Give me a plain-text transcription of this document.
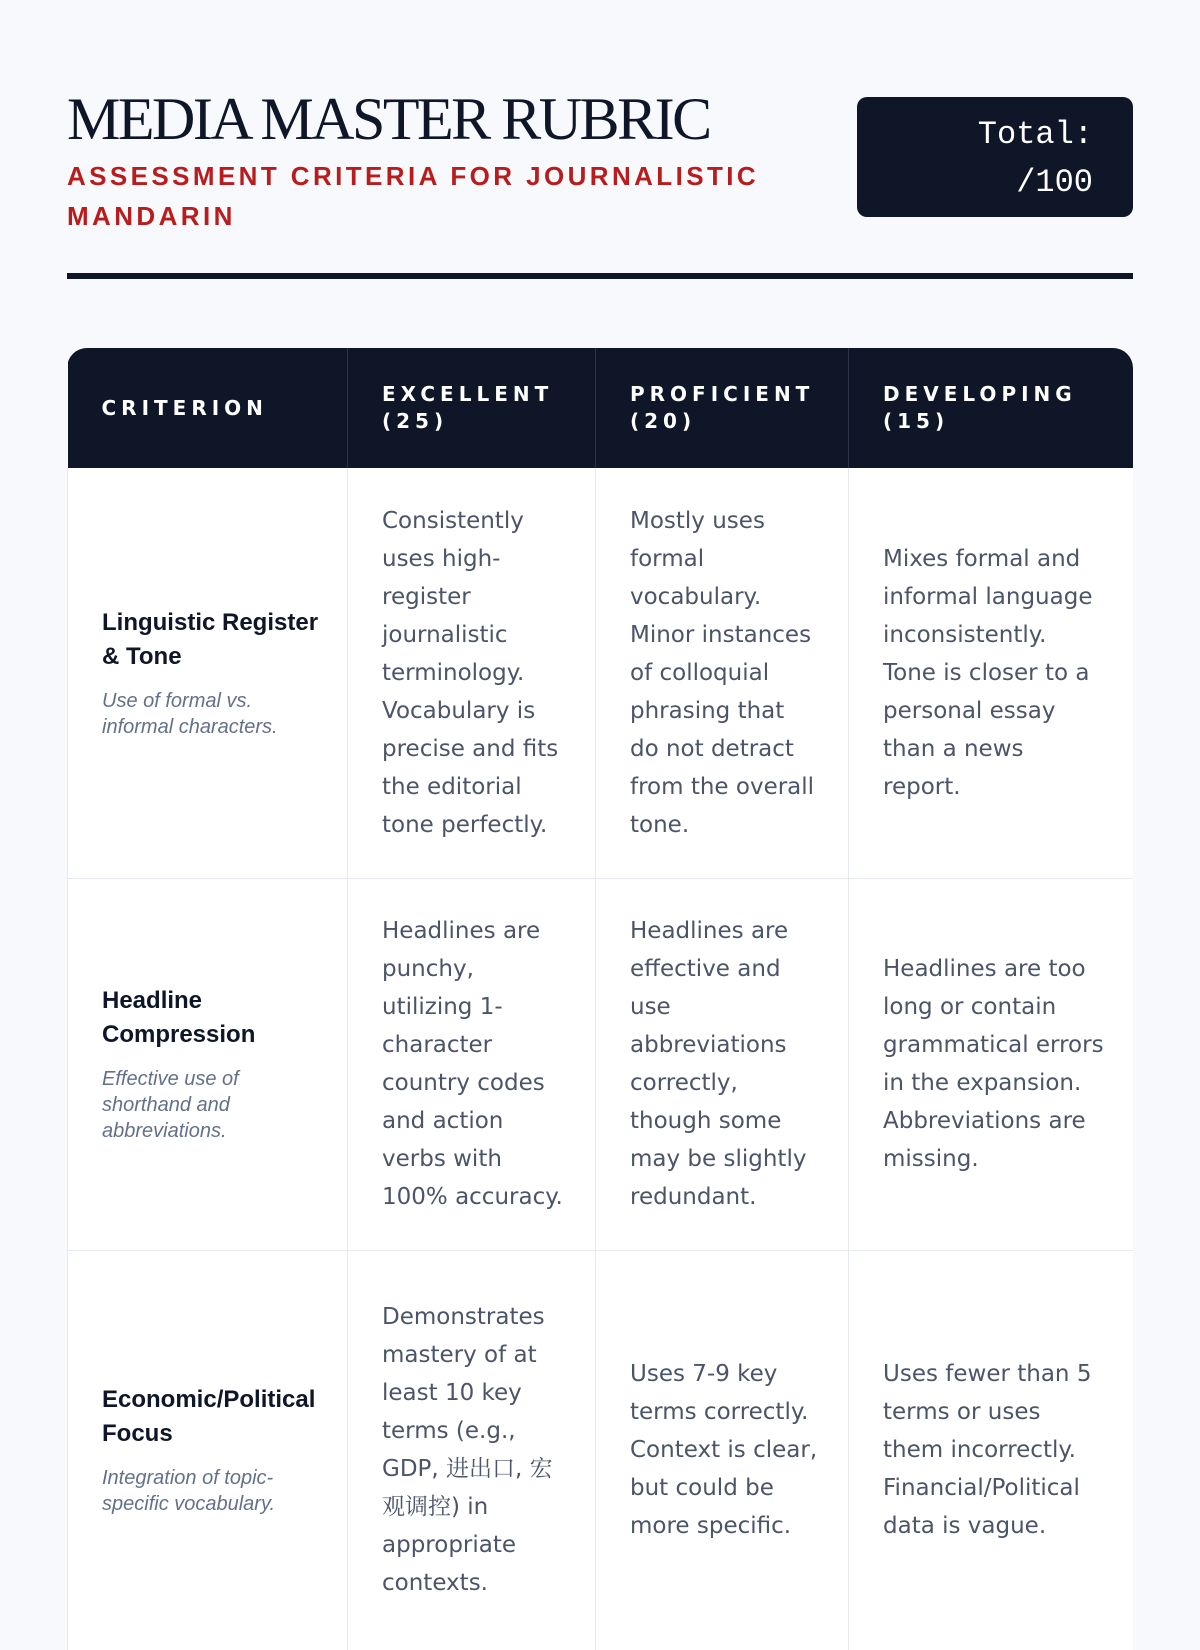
MEDIA MASTER RUBRIC

ASSESSMENT CRITERIA FOR JOURNALISTIC MANDARIN

Total:
/100
CRITERION	EXCELLENT (25)	PROFICIENT (20)	DEVELOPING (15)

Linguistic Register & Tone

Use of formal vs. informal characters.	Consistently uses high-register journalistic terminology. Vocabulary is precise and fits the editorial tone perfectly.	Mostly uses formal vocabulary. Minor instances of colloquial phrasing that do not detract from the overall tone.	Mixes formal and informal language inconsistently. Tone is closer to a personal essay than a news report.

Headline Compression

Effective use of shorthand and abbreviations.	Headlines are punchy, utilizing 1-character country codes and action verbs with 100% accuracy.	Headlines are effective and use abbreviations correctly, though some may be slightly redundant.	Headlines are too long or contain grammatical errors in the expansion. Abbreviations are missing.

Economic/Political Focus

Integration of topic-specific vocabulary.	Demonstrates mastery of at least 10 key terms (e.g., GDP, 进出口, 宏观调控) in appropriate contexts.	Uses 7-9 key terms correctly. Context is clear, but could be more specific.	Uses fewer than 5 terms or uses them incorrectly. Financial/Political data is vague.
